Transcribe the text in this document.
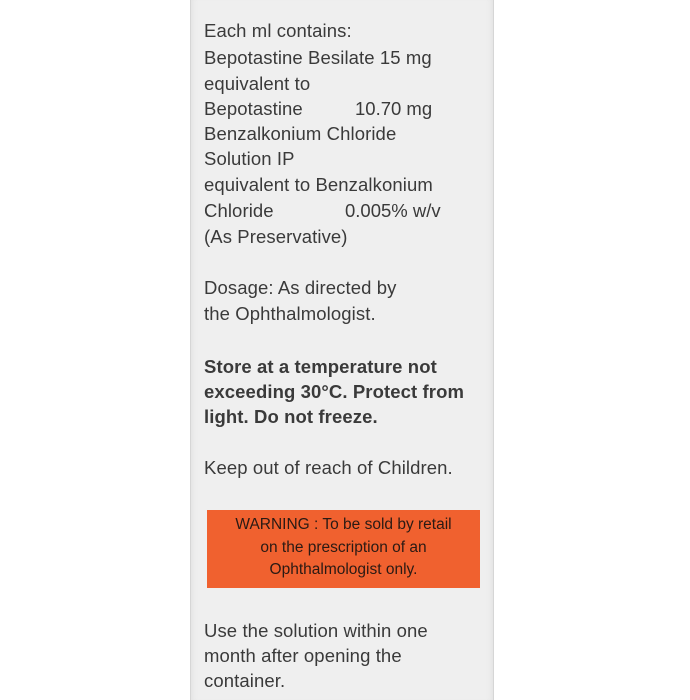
Each ml contains:
Bepotastine Besilate 15 mg
equivalent to
Bepotastine	10.70 mg
Benzalkonium Chloride
Solution IP
equivalent to Benzalkonium
Chloride	0.005% w/v
(As Preservative)
Dosage: As directed by
the Ophthalmologist.
Store at a temperature not
exceeding 30°C. Protect from
light. Do not freeze.
Keep out of reach of Children.
WARNING : To be sold by retail
on the prescription of an
Ophthalmologist only.
Use the solution within one
month after opening the
container.
